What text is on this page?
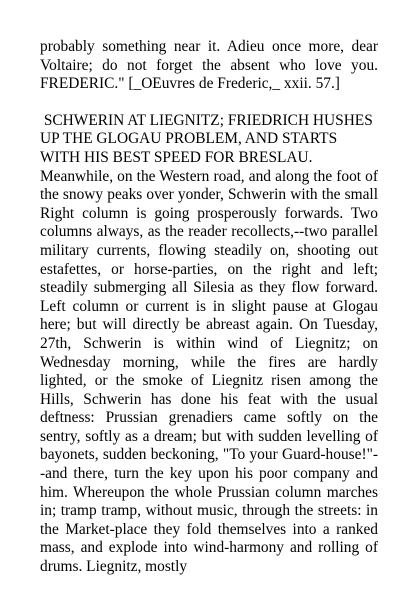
probably something near it. Adieu once more, dear Voltaire; do not forget the absent who love you. FREDERIC." [_OEuvres de Frederic,_ xxii. 57.]

SCHWERIN AT LIEGNITZ; FRIEDRICH HUSHES UP THE GLOGAU PROBLEM, AND STARTS WITH HIS BEST SPEED FOR BRESLAU.

Meanwhile, on the Western road, and along the foot of the snowy peaks over yonder, Schwerin with the small Right column is going prosperously forwards. Two columns always, as the reader recollects,--two parallel military currents, flowing steadily on, shooting out estafettes, or horse-parties, on the right and left; steadily submerging all Silesia as they flow forward. Left column or current is in slight pause at Glogau here; but will directly be abreast again. On Tuesday, 27th, Schwerin is within wind of Liegnitz; on Wednesday morning, while the fires are hardly lighted, or the smoke of Liegnitz risen among the Hills, Schwerin has done his feat with the usual deftness: Prussian grenadiers came softly on the sentry, softly as a dream; but with sudden levelling of bayonets, sudden beckoning, "To your Guard-house!"--and there, turn the key upon his poor company and him. Whereupon the whole Prussian column marches in; tramp tramp, without music, through the streets: in the Market-place they fold themselves into a ranked mass, and explode into wind-harmony and rolling of drums. Liegnitz, mostly
